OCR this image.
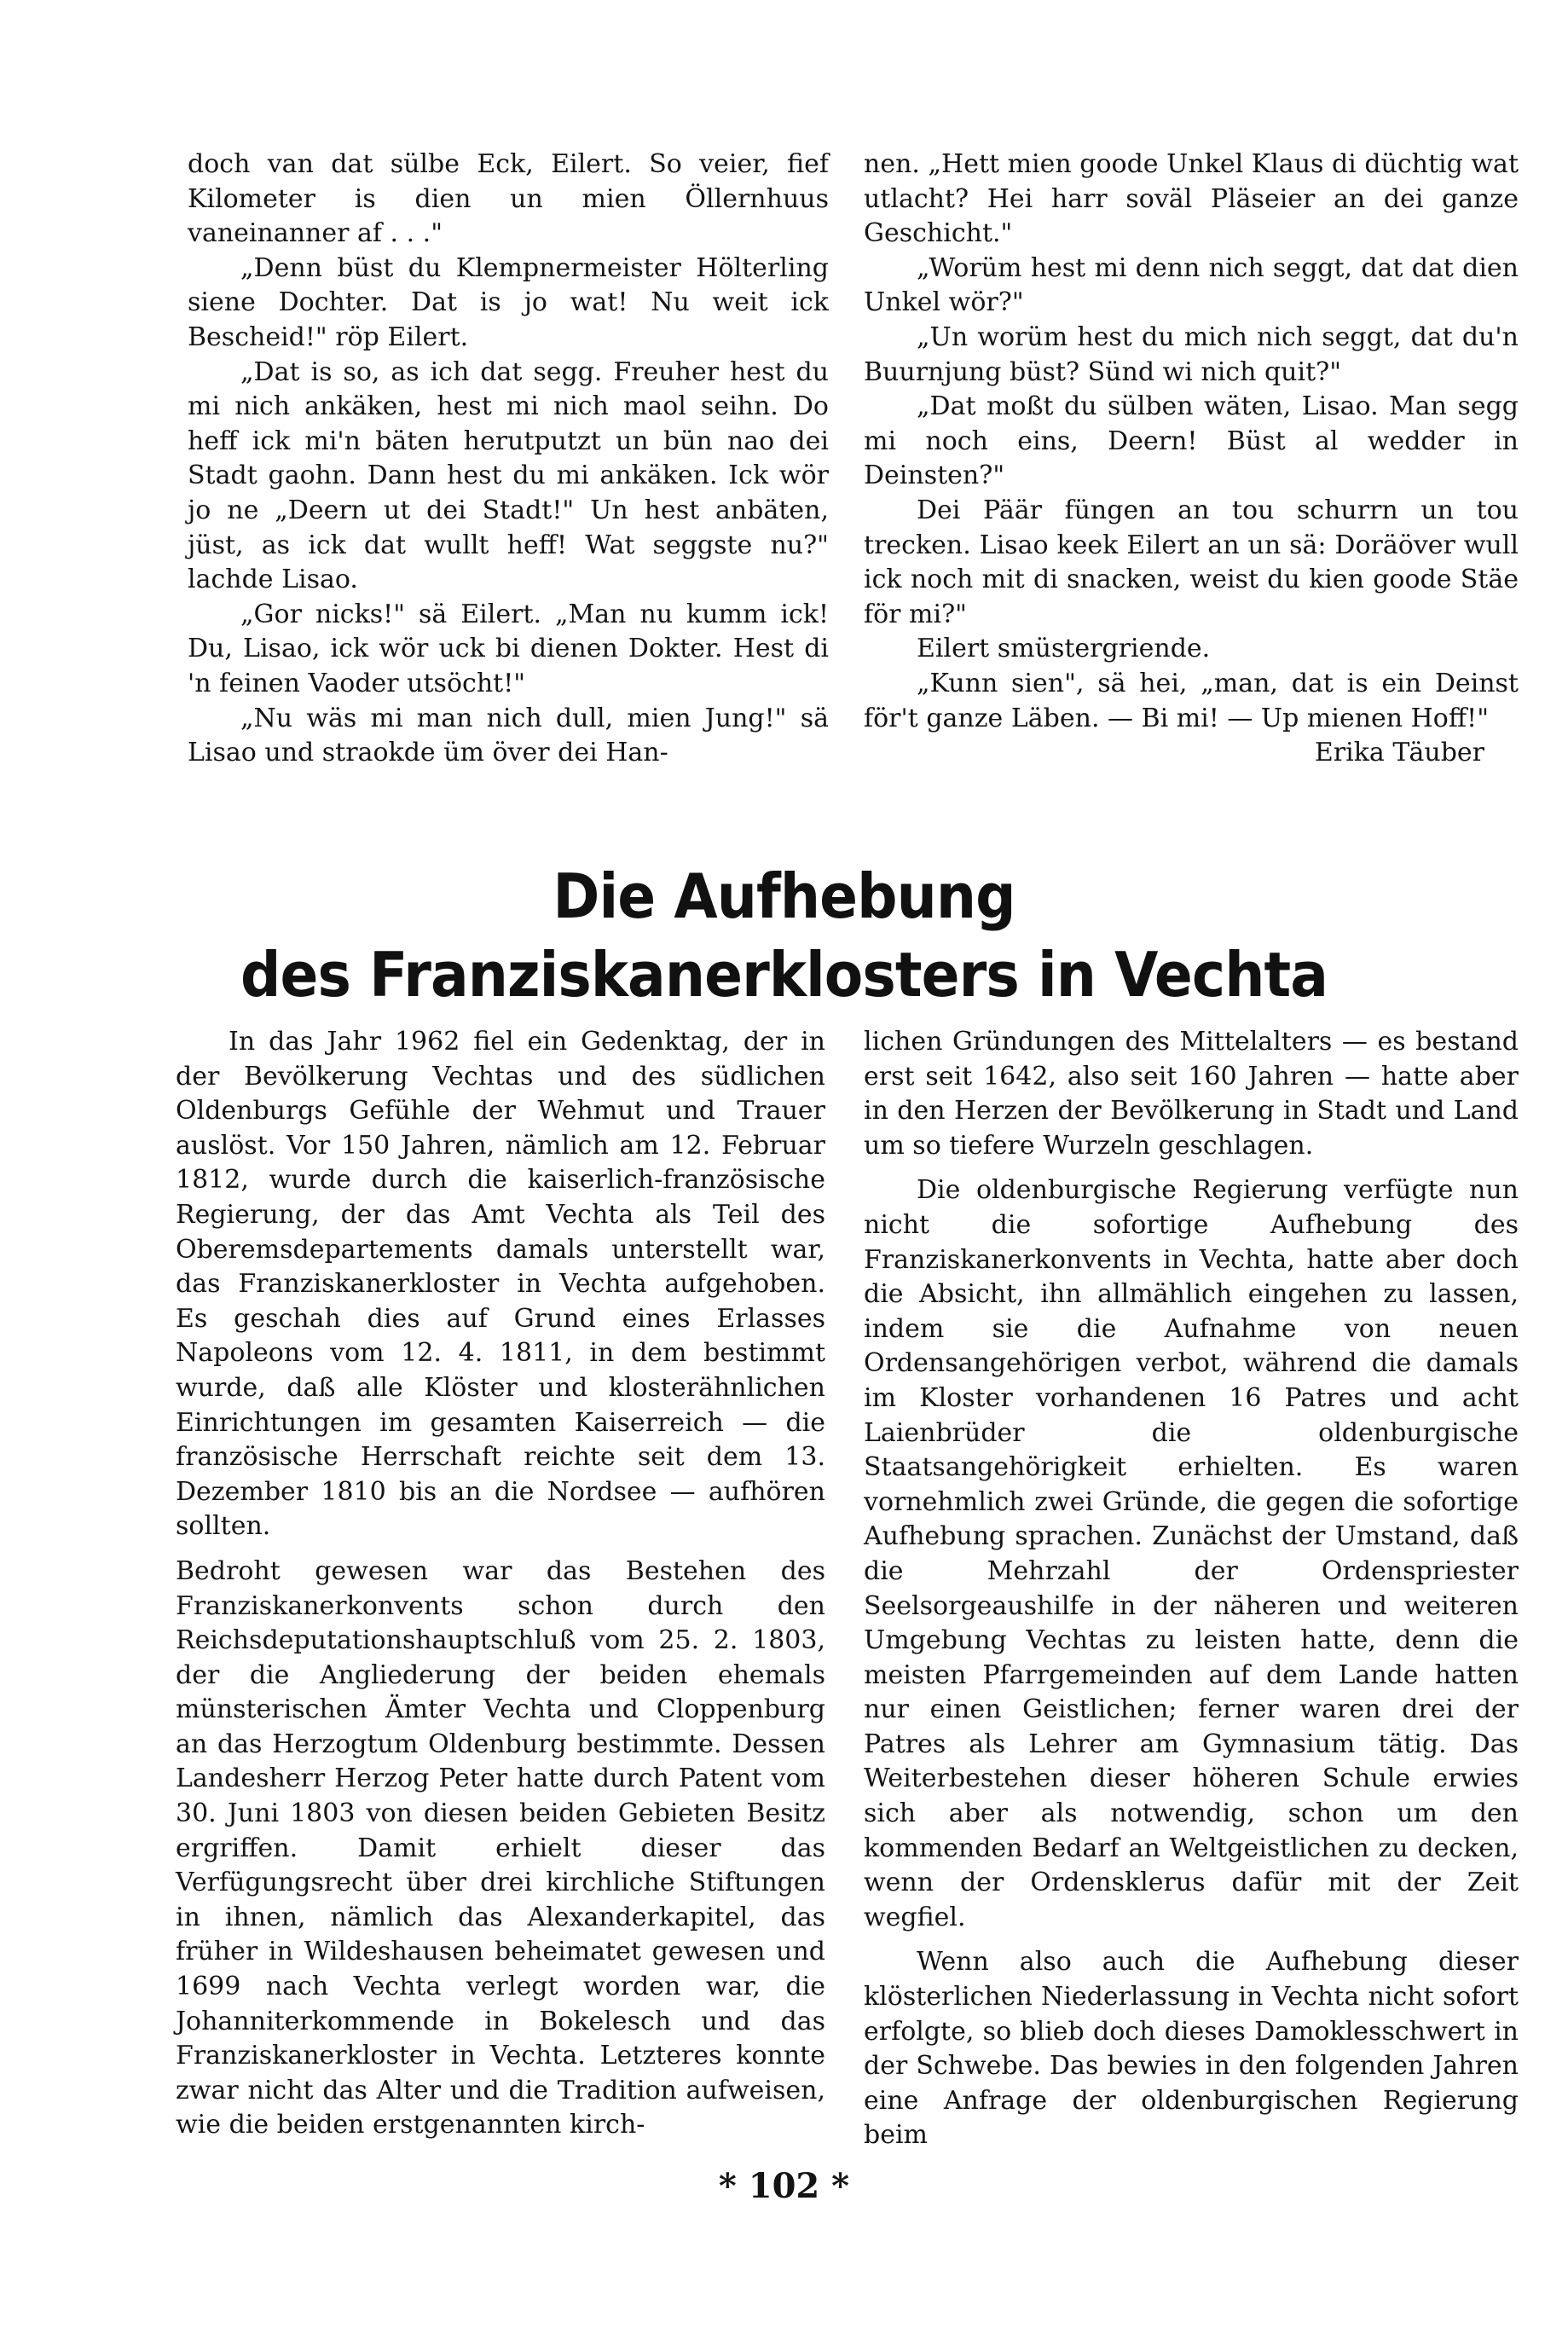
doch van dat sülbe Eck, Eilert. So veier, fief Kilometer is dien un mien Öllernhuus vaneinanner af . . ."

„Denn büst du Klempnermeister Hölterling siene Dochter. Dat is jo wat! Nu weit ick Bescheid!" röp Eilert.

„Dat is so, as ich dat segg. Freuher hest du mi nich ankäken, hest mi nich maol seihn. Do heff ick mi'n bäten herutputzt un bün nao dei Stadt gaohn. Dann hest du mi ankäken. Ick wör jo ne „Deern ut dei Stadt!" Un hest anbäten, jüst, as ick dat wullt heff! Wat seggste nu?" lachde Lisao.

„Gor nicks!" sä Eilert. „Man nu kumm ick! Du, Lisao, ick wör uck bi dienen Dokter. Hest di 'n feinen Vaoder utsöcht!"

„Nu wäs mi man nich dull, mien Jung!" sä Lisao und straokde üm över dei Han-

nen. „Hett mien goode Unkel Klaus di düchtig wat utlacht? Hei harr soväl Pläseier an dei ganze Geschicht."

„Worüm hest mi denn nich seggt, dat dat dien Unkel wör?"

„Un worüm hest du mich nich seggt, dat du'n Buurnjung büst? Sünd wi nich quit?"

„Dat moßt du sülben wäten, Lisao. Man segg mi noch eins, Deern! Büst al wedder in Deinsten?"

Dei Päär füngen an tou schurrn un tou trecken. Lisao keek Eilert an un sä: Doräöver wull ick noch mit di snacken, weist du kien goode Stäe för mi?"

Eilert smüstergriende.

„Kunn sien", sä hei, „man, dat is ein Deinst för't ganze Läben. — Bi mi! — Up mienen Hoff!"

Erika Täuber

Die Aufhebung
des Franziskanerklosters in Vechta

In das Jahr 1962 fiel ein Gedenktag, der in der Bevölkerung Vechtas und des südlichen Oldenburgs Gefühle der Wehmut und Trauer auslöst. Vor 150 Jahren, nämlich am 12. Februar 1812, wurde durch die kaiserlich-französische Regierung, der das Amt Vechta als Teil des Oberemsdepartements damals unterstellt war, das Franziskanerkloster in Vechta aufgehoben. Es geschah dies auf Grund eines Erlasses Napoleons vom 12. 4. 1811, in dem bestimmt wurde, daß alle Klöster und klosterähnlichen Einrichtungen im gesamten Kaiserreich — die französische Herrschaft reichte seit dem 13. Dezember 1810 bis an die Nordsee — aufhören sollten.

Bedroht gewesen war das Bestehen des Franziskanerkonvents schon durch den Reichsdeputationshauptschluß vom 25. 2. 1803, der die Angliederung der beiden ehemals münsterischen Ämter Vechta und Cloppenburg an das Herzogtum Oldenburg bestimmte. Dessen Landesherr Herzog Peter hatte durch Patent vom 30. Juni 1803 von diesen beiden Gebieten Besitz ergriffen. Damit erhielt dieser das Verfügungsrecht über drei kirchliche Stiftungen in ihnen, nämlich das Alexanderkapitel, das früher in Wildeshausen beheimatet gewesen und 1699 nach Vechta verlegt worden war, die Johanniterkommende in Bokelesch und das Franziskanerkloster in Vechta. Letzteres konnte zwar nicht das Alter und die Tradition aufweisen, wie die beiden erstgenannten kirch-

lichen Gründungen des Mittelalters — es bestand erst seit 1642, also seit 160 Jahren — hatte aber in den Herzen der Bevölkerung in Stadt und Land um so tiefere Wurzeln geschlagen.

Die oldenburgische Regierung verfügte nun nicht die sofortige Aufhebung des Franziskanerkonvents in Vechta, hatte aber doch die Absicht, ihn allmählich eingehen zu lassen, indem sie die Aufnahme von neuen Ordensangehörigen verbot, während die damals im Kloster vorhandenen 16 Patres und acht Laienbrüder die oldenburgische Staatsangehörigkeit erhielten. Es waren vornehmlich zwei Gründe, die gegen die sofortige Aufhebung sprachen. Zunächst der Umstand, daß die Mehrzahl der Ordenspriester Seelsorgeaushilfe in der näheren und weiteren Umgebung Vechtas zu leisten hatte, denn die meisten Pfarrgemeinden auf dem Lande hatten nur einen Geistlichen; ferner waren drei der Patres als Lehrer am Gymnasium tätig. Das Weiterbestehen dieser höheren Schule erwies sich aber als notwendig, schon um den kommenden Bedarf an Weltgeistlichen zu decken, wenn der Ordensklerus dafür mit der Zeit wegfiel.

Wenn also auch die Aufhebung dieser klösterlichen Niederlassung in Vechta nicht sofort erfolgte, so blieb doch dieses Damoklesschwert in der Schwebe. Das bewies in den folgenden Jahren eine Anfrage der oldenburgischen Regierung beim

* 102 *
